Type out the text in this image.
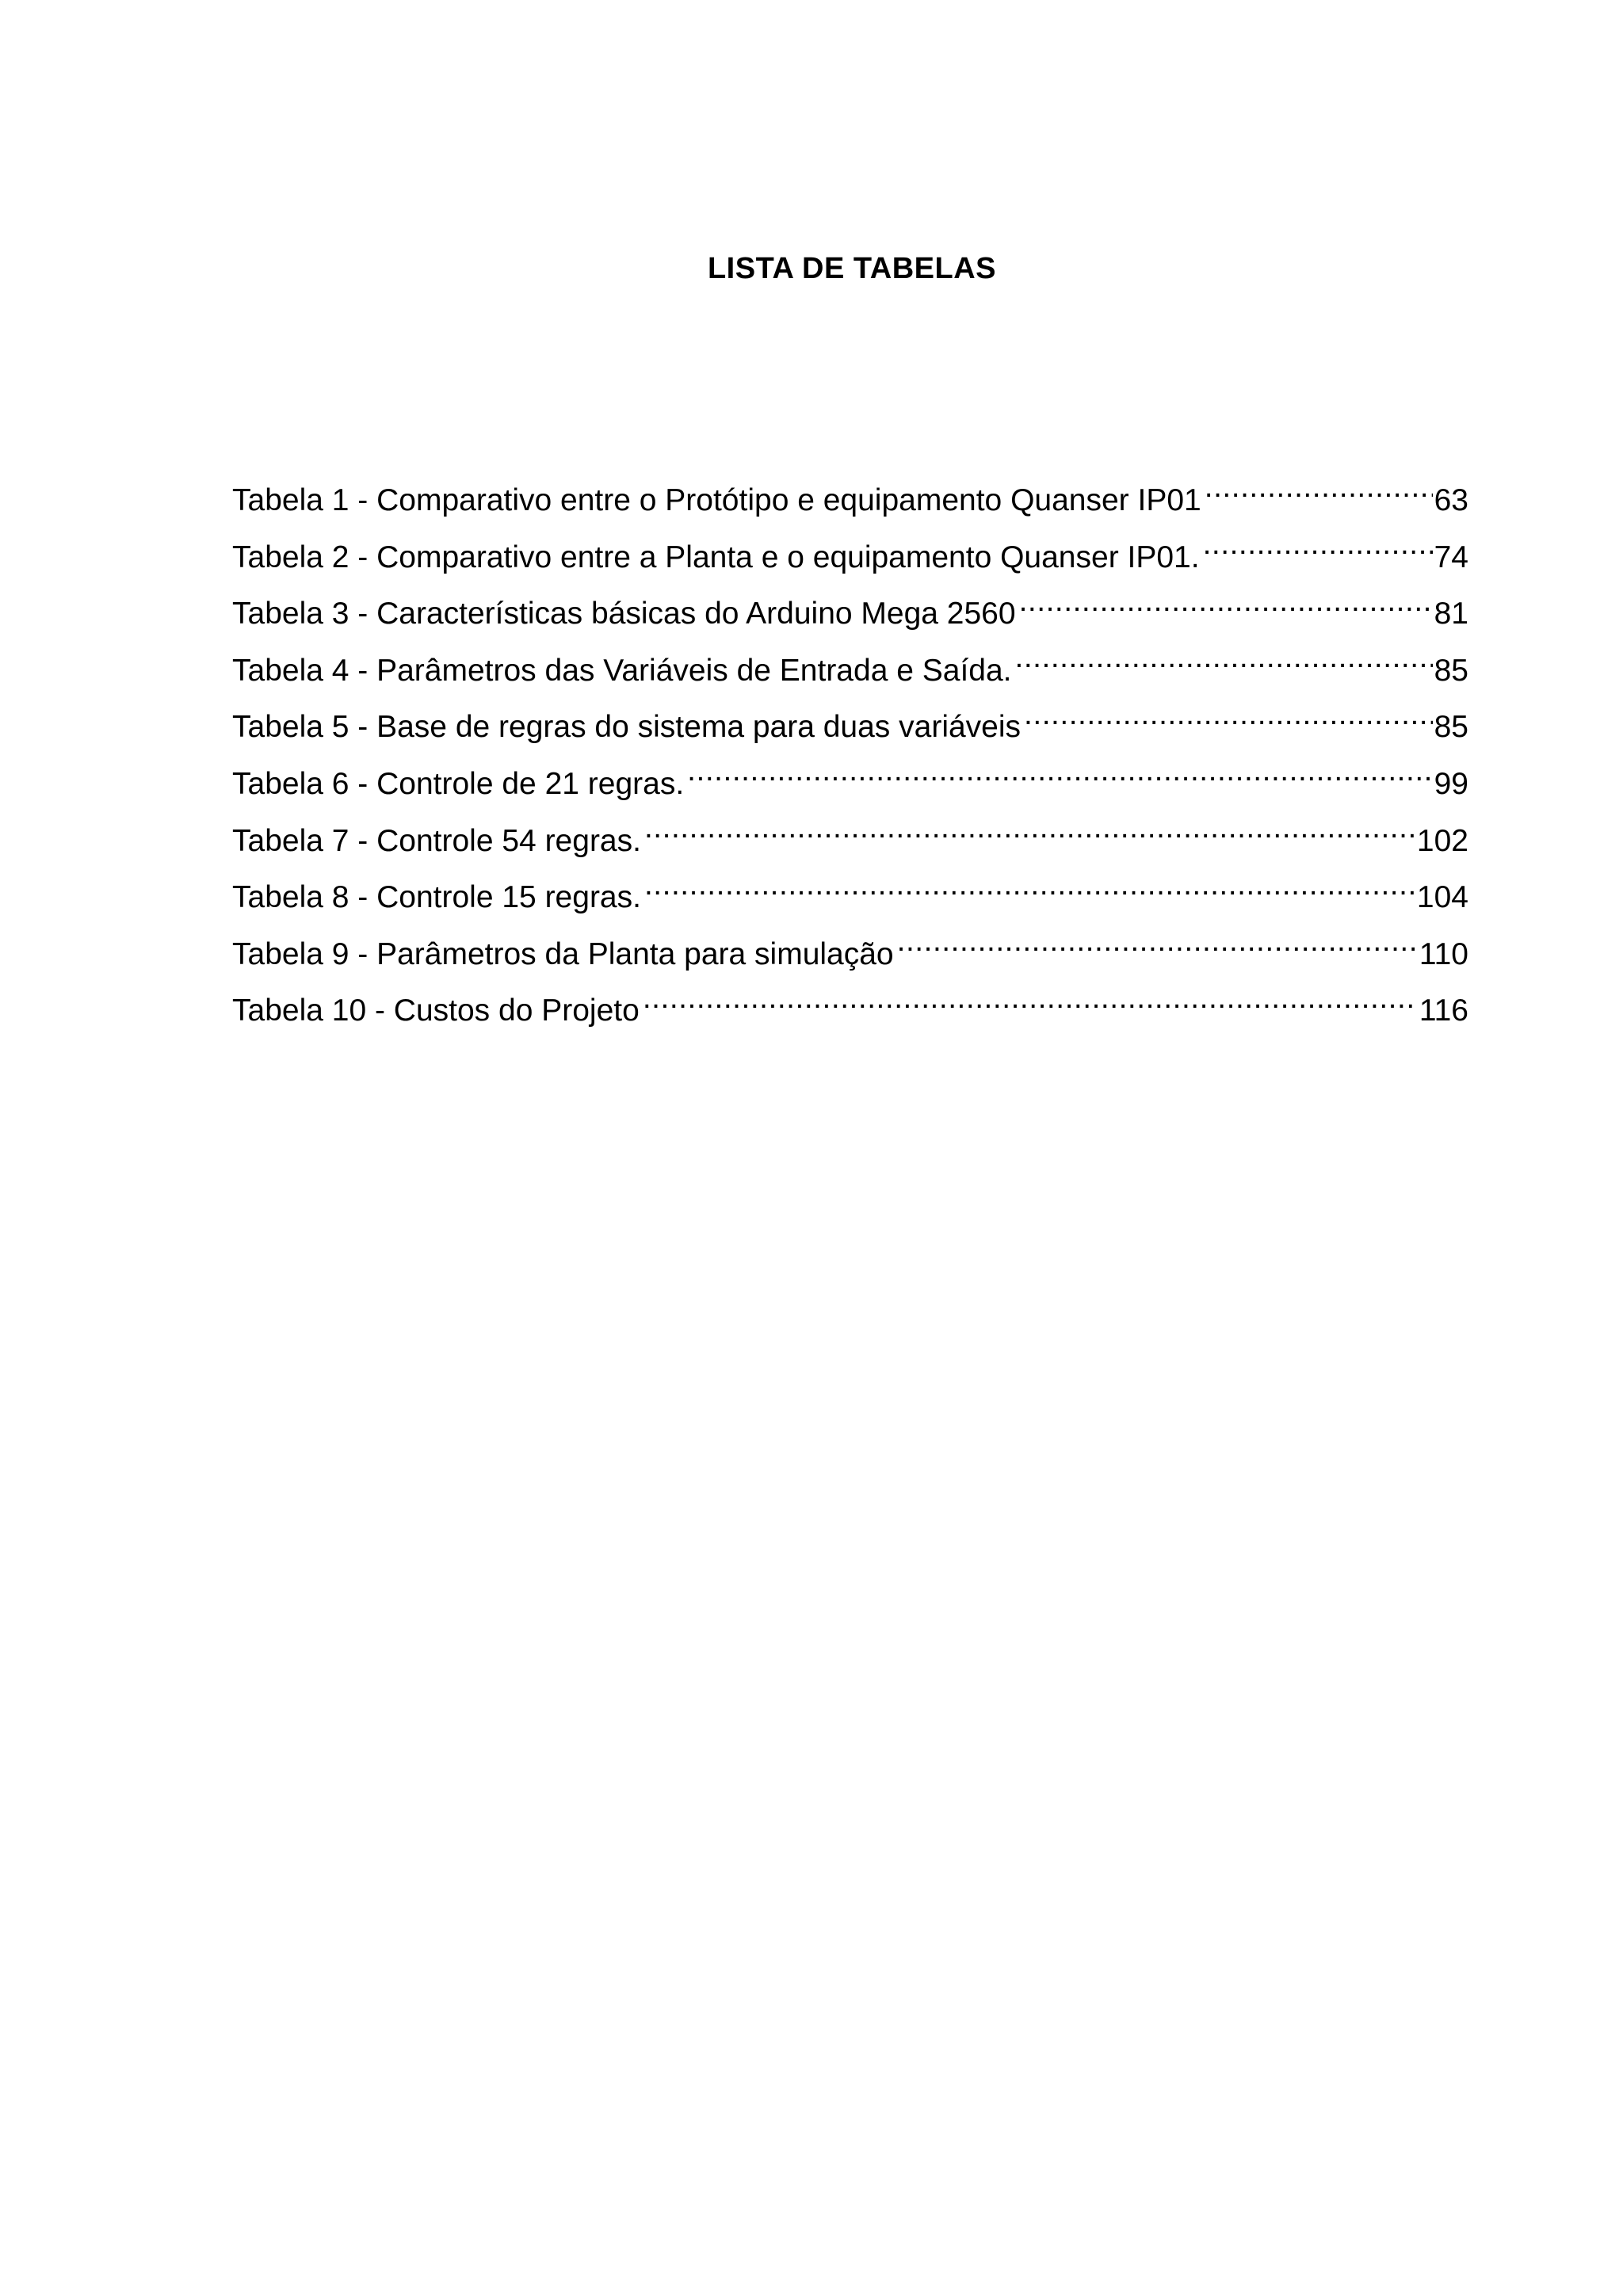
LISTA DE TABELAS
Tabela 1 - Comparativo entre o Protótipo e equipamento Quanser IP01 .....	63
Tabela 2 - Comparativo entre a Planta e o equipamento Quanser IP01. .....	74
Tabela 3 - Características básicas do Arduino Mega 2560 .....	81
Tabela 4 - Parâmetros das Variáveis de Entrada e Saída. .....	85
Tabela 5 - Base de regras do sistema para duas variáveis .....	85
Tabela 6 - Controle de 21 regras. .....	99
Tabela 7 - Controle 54 regras. .....	102
Tabela 8 - Controle 15 regras. .....	104
Tabela 9 - Parâmetros da Planta para simulação .....	110
Tabela 10 - Custos do Projeto .....	116
